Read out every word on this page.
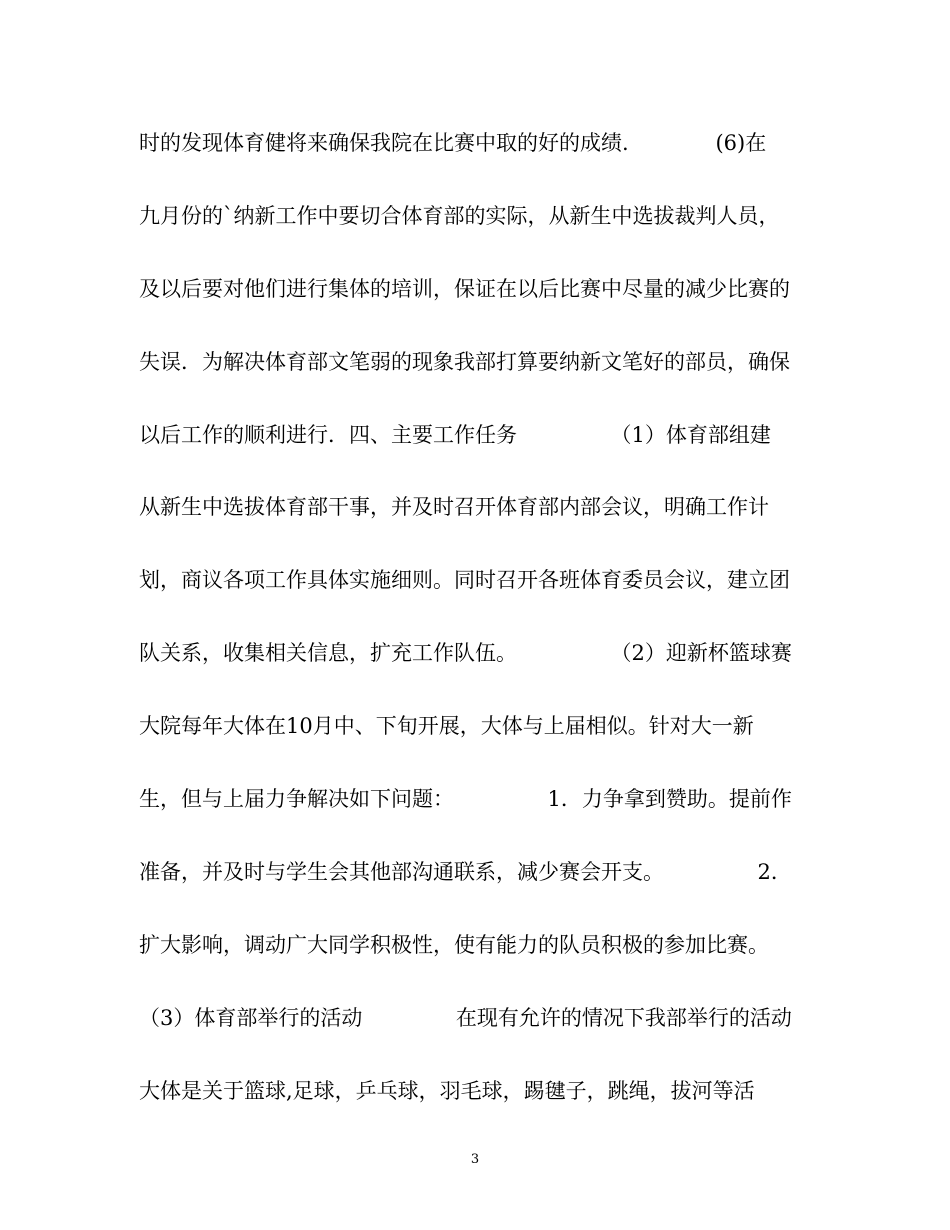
时的发现体育健将来确保我院在比赛中取的好的成绩.             (6)在
九月份的`纳新工作中要切合体育部的实际，从新生中选拔裁判人员，
及以后要对他们进行集体的培训，保证在以后比赛中尽量的减少比赛的
失误．为解决体育部文笔弱的现象我部打算要纳新文笔好的部员，确保
以后工作的顺利进行．四、主要工作任务              （1）体育部组建
从新生中选拔体育部干事，并及时召开体育部内部会议，明确工作计
划，商议各项工作具体实施细则。同时召开各班体育委员会议，建立团
队关系，收集相关信息，扩充工作队伍。              （2）迎新杯篮球赛
大院每年大体在10月中、下旬开展，大体与上届相似。针对大一新
生，但与上届力争解决如下问题：              1．力争拿到赞助。提前作
准备，并及时与学生会其他部沟通联系，减少赛会开支。              2．
扩大影响，调动广大同学积极性，使有能力的队员积极的参加比赛。
（3）体育部举行的活动              在现有允许的情况下我部举行的活动
大体是关于篮球,足球，乒乓球，羽毛球，踢毽子，跳绳，拔河等活
3
